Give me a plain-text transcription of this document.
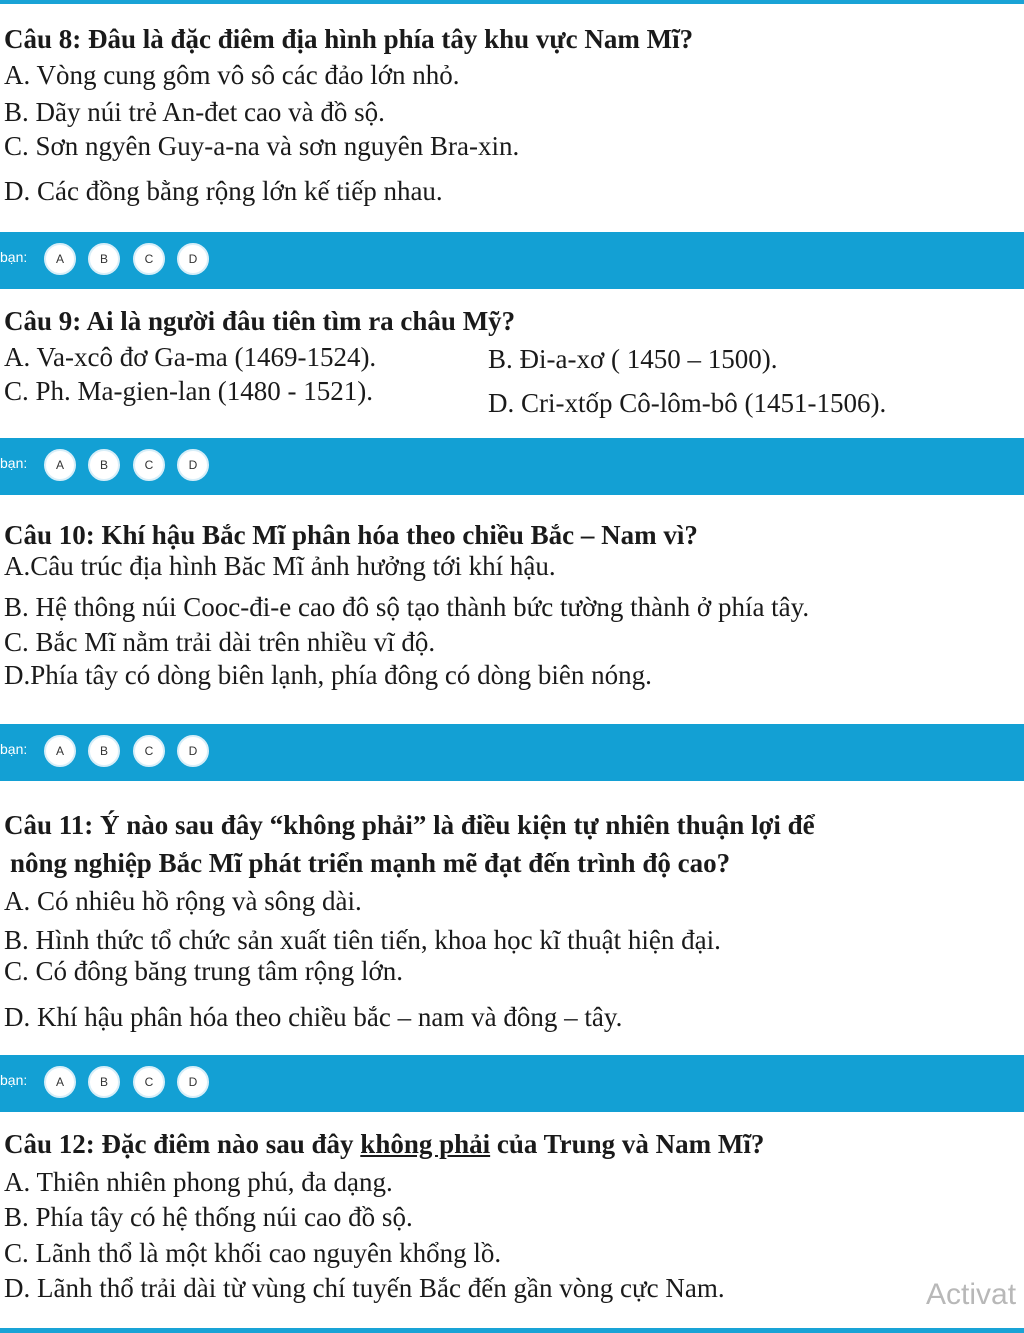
Câu 8: Đâu là đặc điêm địa hình phía tây khu vực Nam Mĩ?
A. Vòng cung gôm vô sô các đảo lớn nhỏ.
B. Dãy núi trẻ An-đet cao và đồ sộ.
C. Sơn ngyên Guy-a-na và sơn nguyên Bra-xin.
D. Các đồng bằng rộng lớn kế tiếp nhau.
bạn:	A	B	C	D
Câu 9: Ai là người đâu tiên tìm ra châu Mỹ?
A. Va-xcô đơ Ga-ma (1469-1524).	B. Đi-a-xơ ( 1450 – 1500).
C. Ph. Ma-gien-lan (1480 - 1521).	D. Cri-xtốp Cô-lôm-bô (1451-1506).
bạn:	A	B	C	D
Câu 10: Khí hậu Bắc Mĩ phân hóa theo chiều Bắc – Nam vì?
A.Câu trúc địa hình Băc Mĩ ảnh hưởng tới khí hậu.
B. Hệ thông núi Cooc-đi-e cao đô sộ tạo thành bức tường thành ở phía tây.
C. Bắc Mĩ nằm trải dài trên nhiều vĩ độ.
D.Phía tây có dòng biên lạnh, phía đông có dòng biên nóng.
bạn:	A	B	C	D
Câu 11: Ý nào sau đây “không phải” là điều kiện tự nhiên thuận lợi để
nông nghiệp Bắc Mĩ phát triển mạnh mẽ đạt đến trình độ cao?
A. Có nhiêu hồ rộng và sông dài.
B. Hình thức tổ chức sản xuất tiên tiến, khoa học kĩ thuật hiện đại.
C. Có đông băng trung tâm rộng lớn.
D. Khí hậu phân hóa theo chiều bắc – nam và đông – tây.
bạn:	A	B	C	D
Câu 12: Đặc điêm nào sau đây không phải của Trung và Nam Mĩ?
A. Thiên nhiên phong phú, đa dạng.
B. Phía tây có hệ thống núi cao đồ sộ.
C. Lãnh thổ là một khối cao nguyên khổng lồ.
D. Lãnh thổ trải dài từ vùng chí tuyến Bắc đến gần vòng cực Nam.	Activat
